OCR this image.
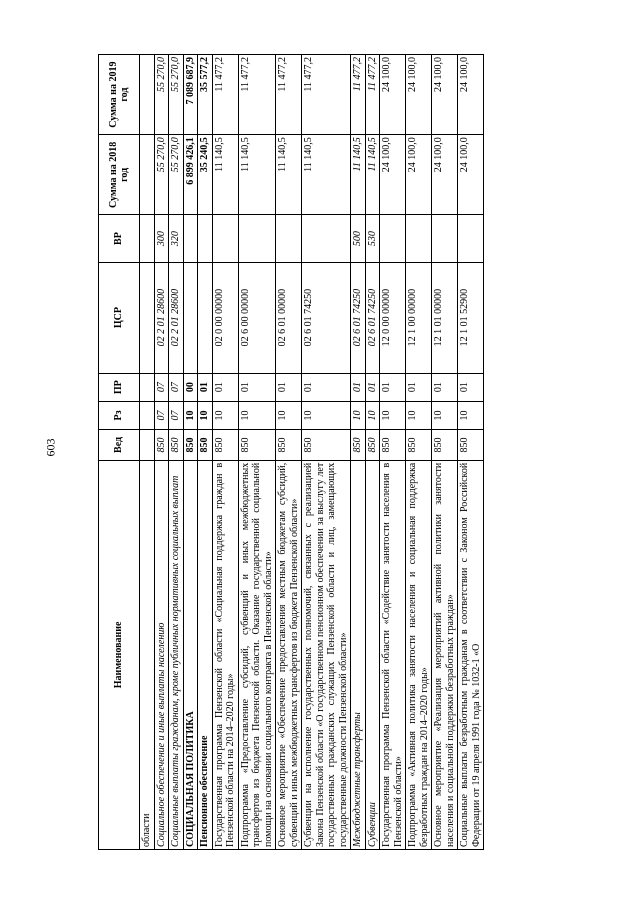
603
Наименование	Вед	Рз	ПР	ЦСР	ВР	Сумма на 2018 год	Сумма на 2019 год
области							
Социальное обеспечение и иные выплаты населению	850	07	07	02 2 01 28600	300	55 270,0	55 270,0
Социальные выплаты гражданам, кроме публичных нормативных социальных выплат	850	07	07	02 2 01 28600	320	55 270,0	55 270,0
СОЦИАЛЬНАЯ ПОЛИТИКА	850	10	00			6 899 426,1	7 089 687,9
Пенсионное обеспечение	850	10	01			35 240,5	35 577,2
Государственная программа Пензенской области «Социальная поддержка граждан в Пензенской области на 2014–2020 годы»	850	10	01	02 0 00 00000		11 140,5	11 477,2
Подпрограмма «Предоставление субсидий, субвенций и иных межбюджетных трансфертов из бюджета Пензенской области. Оказание государственной социальной помощи на основании социального контракта в Пензенской области»	850	10	01	02 6 00 00000		11 140,5	11 477,2
Основное мероприятие «Обеспечение предоставления местным бюджетам субсидий, субвенций и иных межбюджетных трансфертов из бюджета Пензенской области»	850	10	01	02 6 01 00000		11 140,5	11 477,2
Субвенции на исполнение государственных полномочий, связанных с реализацией Закона Пензенской области «О государственном пенсионном обеспечении за выслугу лет государственных гражданских служащих Пензенской области и лиц, замещающих государственные должности Пензенской области»	850	10	01	02 6 01 74250		11 140,5	11 477,2
Межбюджетные трансферты	850	10	01	02 6 01 74250	500	11 140,5	11 477,2
Субвенции	850	10	01	02 6 01 74250	530	11 140,5	11 477,2
Государственная программа Пензенской области «Содействие занятости населения в Пензенской области»	850	10	01	12 0 00 00000		24 100,0	24 100,0
Подпрограмма «Активная политика занятости населения и социальная поддержка безработных граждан на 2014–2020 годы»	850	10	01	12 1 00 00000		24 100,0	24 100,0
Основное мероприятие «Реализация мероприятий активной политики занятости населения и социальной поддержки безработных граждан»	850	10	01	12 1 01 00000		24 100,0	24 100,0
Социальные выплаты безработным гражданам в соответствии с Законом Российской Федерации от 19 апреля 1991 года № 1032-1 «О	850	10	01	12 1 01 52900		24 100,0	24 100,0
